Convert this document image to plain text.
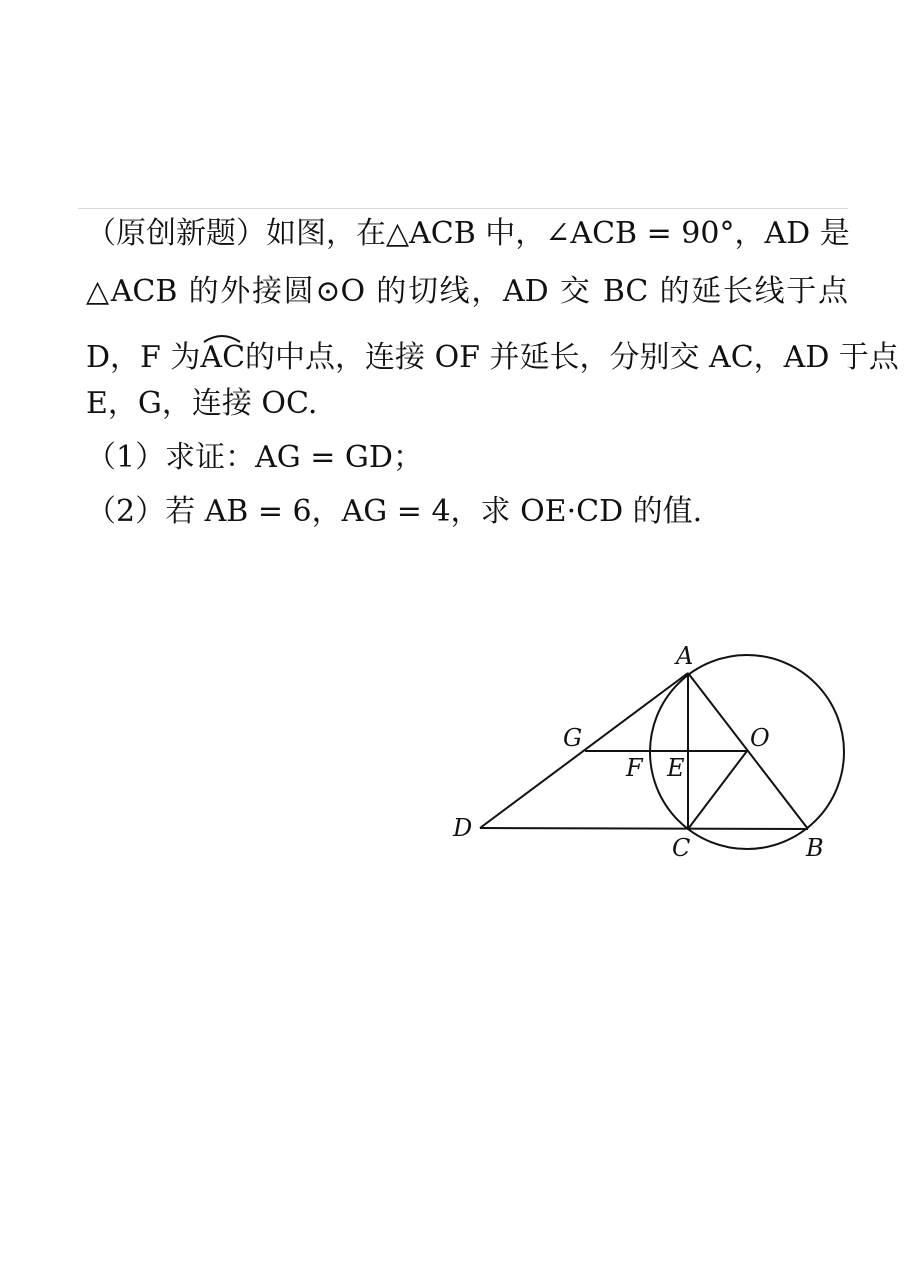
（原创新题）如图，在△ACB 中，∠ACB = 90°，AD 是
△ACB 的外接圆⊙O 的切线，AD 交 BC 的延长线于点
D，F 为
AC的中点，连接 OF 并延长，分别交 AC，AD 于点
E，G，连接 OC.
（1）求证：AG = GD；
（2）若 AB = 6，AG = 4，求 OE·CD 的值.
A
B
C
D
E
F
G	O
